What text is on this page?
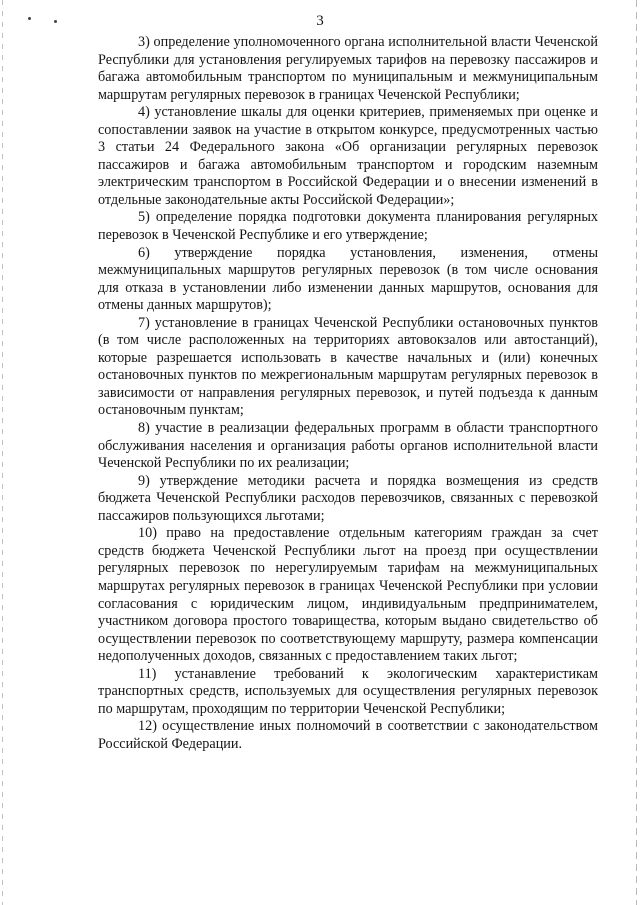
3

3) определение уполномоченного органа исполнительной власти Чеченской Республики для установления регулируемых тарифов на перевозку пассажиров и багажа автомобильным транспортом по муниципальным и межмуниципальным маршрутам регулярных перевозок в границах Чеченской Республики;

4) установление шкалы для оценки критериев, применяемых при оценке и сопоставлении заявок на участие в открытом конкурсе, предусмотренных частью 3 статьи 24 Федерального закона «Об организации регулярных перевозок пассажиров и багажа автомобильным транспортом и городским наземным электрическим транспортом в Российской Федерации и о внесении изменений в отдельные законодательные акты Российской Федерации»;

5) определение порядка подготовки документа планирования регулярных перевозок в Чеченской Республике и его утверждение;

6) утверждение порядка установления, изменения, отмены межмуниципальных маршрутов регулярных перевозок (в том числе основания для отказа в установлении либо изменении данных маршрутов, основания для отмены данных маршрутов);

7) установление в границах Чеченской Республики остановочных пунктов (в том числе расположенных на территориях автовокзалов или автостанций), которые разрешается использовать в качестве начальных и (или) конечных остановочных пунктов по межрегиональным маршрутам регулярных перевозок в зависимости от направления регулярных перевозок, и путей подъезда к данным остановочным пунктам;

8) участие в реализации федеральных программ в области транспортного обслуживания населения и организация работы органов исполнительной власти Чеченской Республики по их реализации;

9) утверждение методики расчета и порядка возмещения из средств бюджета Чеченской Республики расходов перевозчиков, связанных с перевозкой пассажиров пользующихся льготами;

10) право на предоставление отдельным категориям граждан за счет средств бюджета Чеченской Республики льгот на проезд при осуществлении регулярных перевозок по нерегулируемым тарифам на межмуниципальных маршрутах регулярных перевозок в границах Чеченской Республики при условии согласования с юридическим лицом, индивидуальным предпринимателем, участником договора простого товарищества, которым выдано свидетельство об осуществлении перевозок по соответствующему маршруту, размера компенсации недополученных доходов, связанных с предоставлением таких льгот;

11) устанавление требований к экологическим характеристикам транспортных средств, используемых для осуществления регулярных перевозок по маршрутам, проходящим по территории Чеченской Республики;

12) осуществление иных полномочий в соответствии с законодательством Российской Федерации.
